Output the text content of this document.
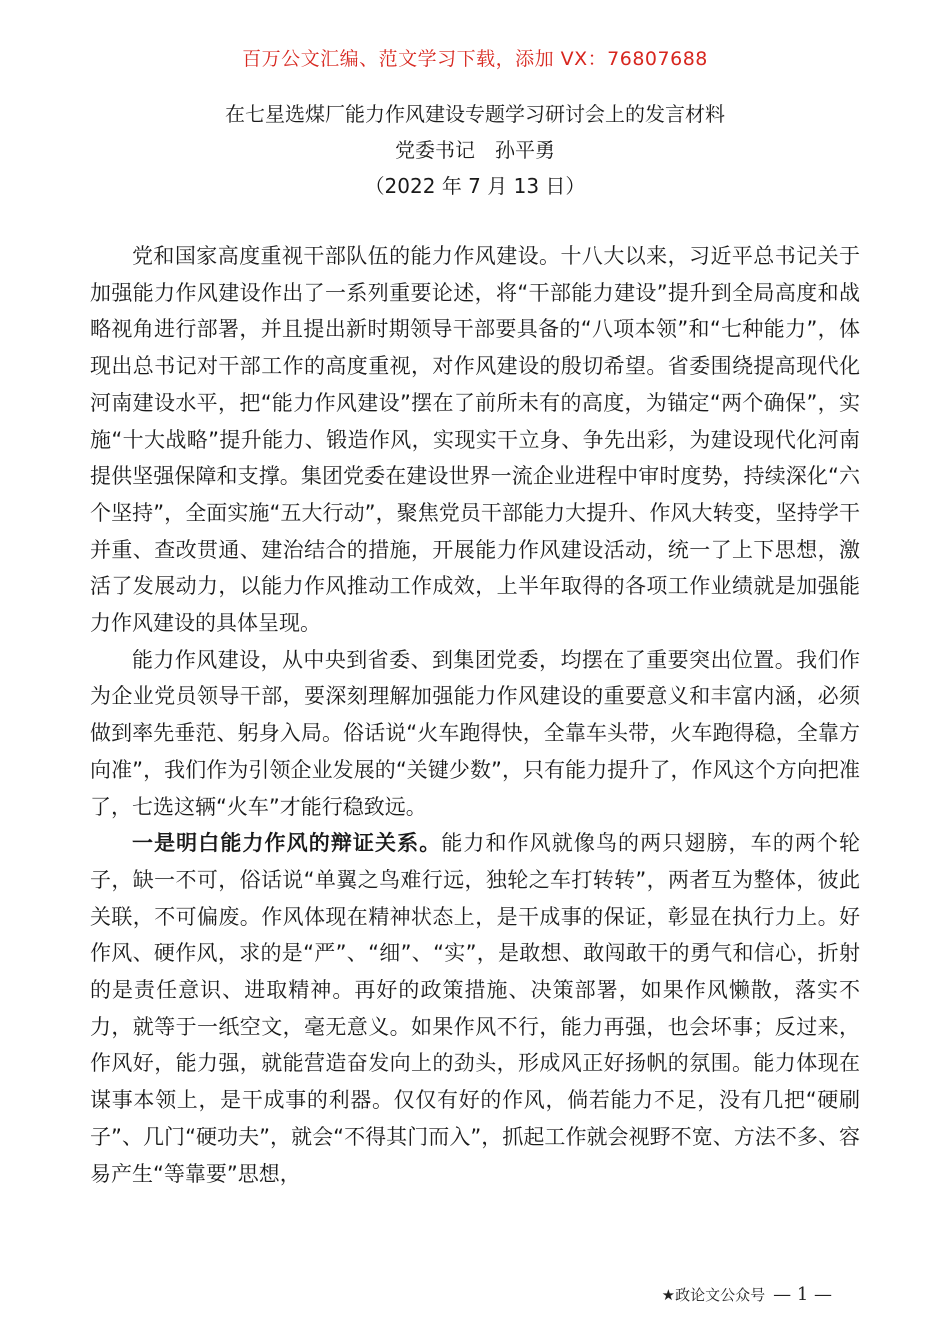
百万公文汇编、范文学习下载，添加 VX：76807688
在七星选煤厂能力作风建设专题学习研讨会上的发言材料
党委书记　孙平勇
（2022 年 7 月 13 日）

党和国家高度重视干部队伍的能力作风建设。十八大以来，习近平总书记关于加强能力作风建设作出了一系列重要论述，将“干部能力建设”提升到全局高度和战略视角进行部署，并且提出新时期领导干部要具备的“八项本领”和“七种能力”，体现出总书记对干部工作的高度重视，对作风建设的殷切希望。省委围绕提高现代化河南建设水平，把“能力作风建设”摆在了前所未有的高度，为锚定“两个确保”，实施“十大战略”提升能力、锻造作风，实现实干立身、争先出彩，为建设现代化河南提供坚强保障和支撑。集团党委在建设世界一流企业进程中审时度势，持续深化“六个坚持”，全面实施“五大行动”，聚焦党员干部能力大提升、作风大转变，坚持学干并重、查改贯通、建治结合的措施，开展能力作风建设活动，统一了上下思想，激活了发展动力，以能力作风推动工作成效，上半年取得的各项工作业绩就是加强能力作风建设的具体呈现。

能力作风建设，从中央到省委、到集团党委，均摆在了重要突出位置。我们作为企业党员领导干部，要深刻理解加强能力作风建设的重要意义和丰富内涵，必须做到率先垂范、躬身入局。俗话说“火车跑得快，全靠车头带，火车跑得稳，全靠方向准”，我们作为引领企业发展的“关键少数”，只有能力提升了，作风这个方向把准了，七选这辆“火车”才能行稳致远。

一是明白能力作风的辩证关系。能力和作风就像鸟的两只翅膀，车的两个轮子，缺一不可，俗话说“单翼之鸟难行远，独轮之车打转转”，两者互为整体，彼此关联，不可偏废。作风体现在精神状态上，是干成事的保证，彰显在执行力上。好作风、硬作风，求的是“严”、“细”、“实”，是敢想、敢闯敢干的勇气和信心，折射的是责任意识、进取精神。再好的政策措施、决策部署，如果作风懒散，落实不力，就等于一纸空文，毫无意义。如果作风不行，能力再强，也会坏事；反过来，作风好，能力强，就能营造奋发向上的劲头，形成风正好扬帆的氛围。能力体现在谋事本领上，是干成事的利器。仅仅有好的作风，倘若能力不足，没有几把“硬刷子”、几门“硬功夫”，就会“不得其门而入”，抓起工作就会视野不宽、方法不多、容易产生“等靠要”思想，

★政论文公众号 — 1 —
